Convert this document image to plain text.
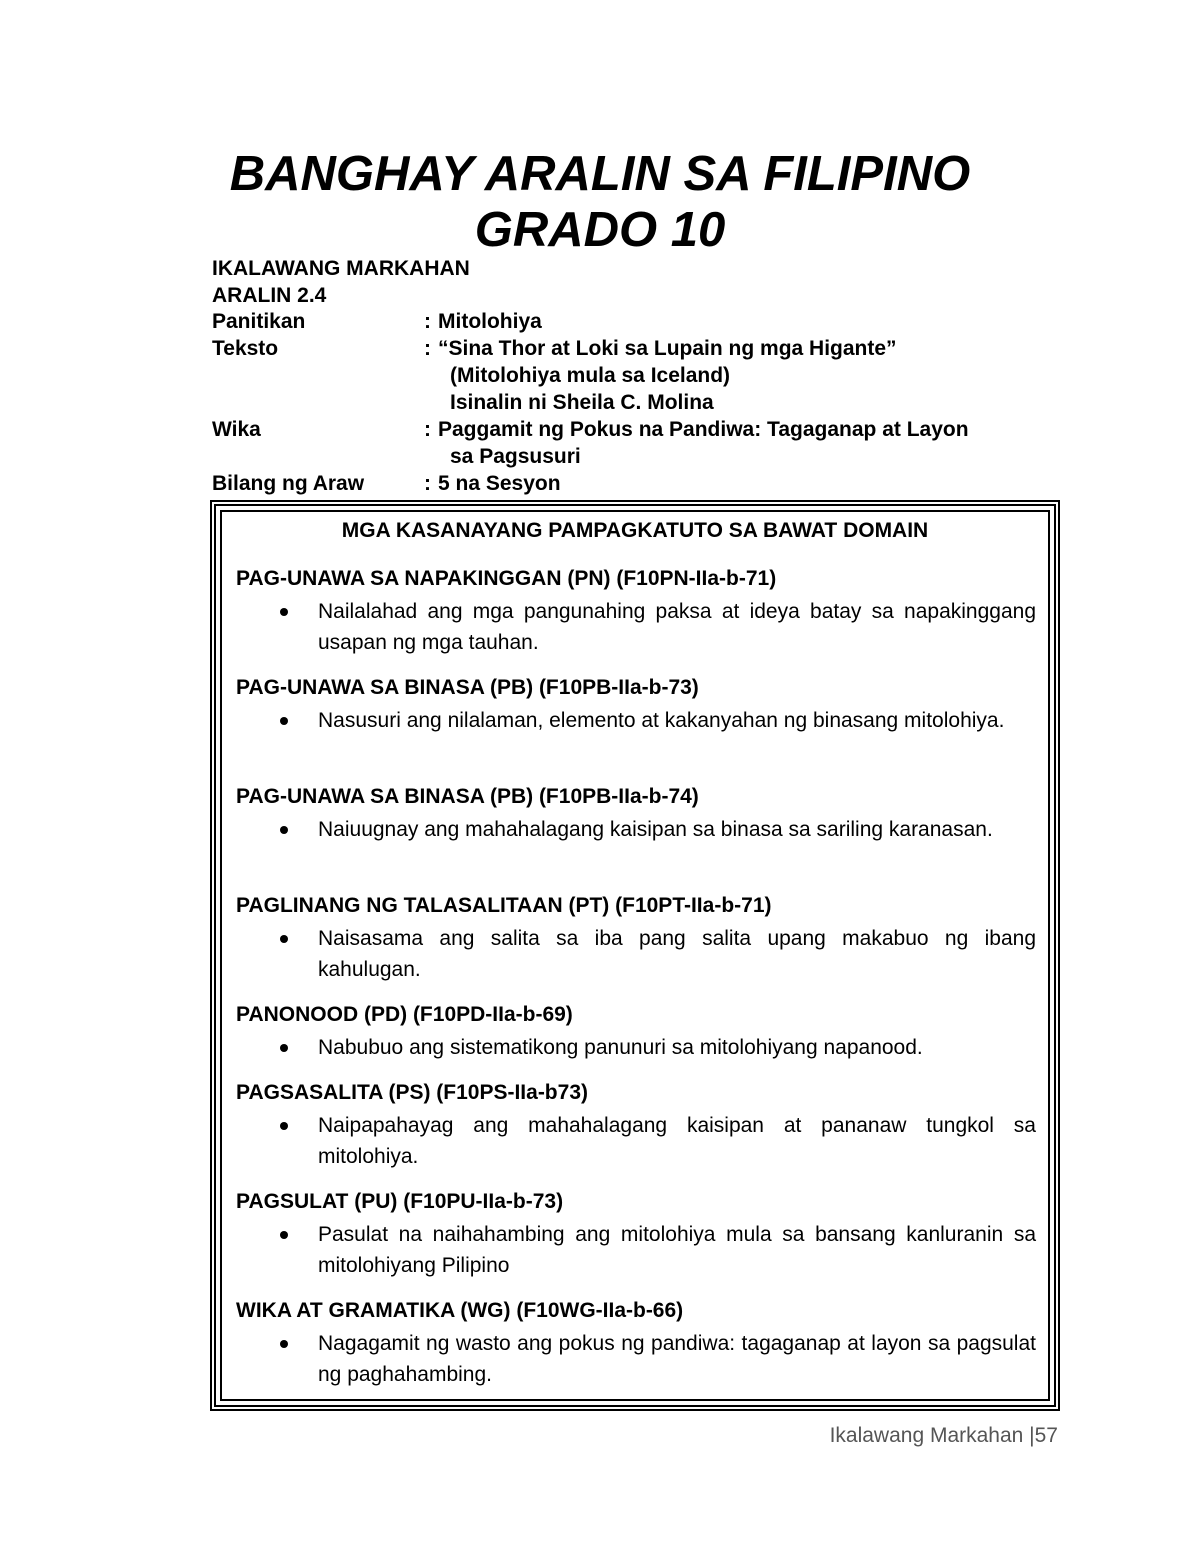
BANGHAY ARALIN SA FILIPINO
GRADO 10
IKALAWANG MARKAHAN
ARALIN 2.4
Panitikan	: Mitolohiya
Teksto	: “Sina Thor at Loki sa Lupain ng mga Higante”
(Mitolohiya mula sa Iceland)
Isinalin ni Sheila C. Molina
Wika	: Paggamit ng Pokus na Pandiwa: Tagaganap at Layon
sa Pagsusuri
Bilang ng Araw	: 5 na Sesyon
MGA KASANAYANG PAMPAGKATUTO SA BAWAT DOMAIN
PAG-UNAWA SA NAPAKINGGAN (PN) (F10PN-IIa-b-71)

Nailalahad ang mga pangunahing paksa at ideya batay sa napakinggang usapan ng mga tauhan.

PAG-UNAWA SA BINASA (PB) (F10PB-IIa-b-73)

Nasusuri ang nilalaman, elemento at kakanyahan ng binasang mitolohiya.

PAG-UNAWA SA BINASA (PB) (F10PB-IIa-b-74)

Naiuugnay ang mahahalagang kaisipan sa binasa sa sariling karanasan.

PAGLINANG NG TALASALITAAN (PT) (F10PT-IIa-b-71)

Naisasama ang salita sa iba pang salita upang makabuo ng ibang kahulugan.

PANONOOD (PD) (F10PD-IIa-b-69)

Nabubuo ang sistematikong panunuri sa mitolohiyang napanood.

PAGSASALITA (PS) (F10PS-IIa-b73)

Naipapahayag ang mahahalagang kaisipan at pananaw tungkol sa mitolohiya.

PAGSULAT (PU) (F10PU-IIa-b-73)

Pasulat na naihahambing ang mitolohiya mula sa bansang kanluranin sa mitolohiyang Pilipino

WIKA AT GRAMATIKA (WG) (F10WG-IIa-b-66)

Nagagamit ng wasto ang pokus ng pandiwa: tagaganap at layon sa pagsulat ng paghahambing.

Ikalawang Markahan |57
